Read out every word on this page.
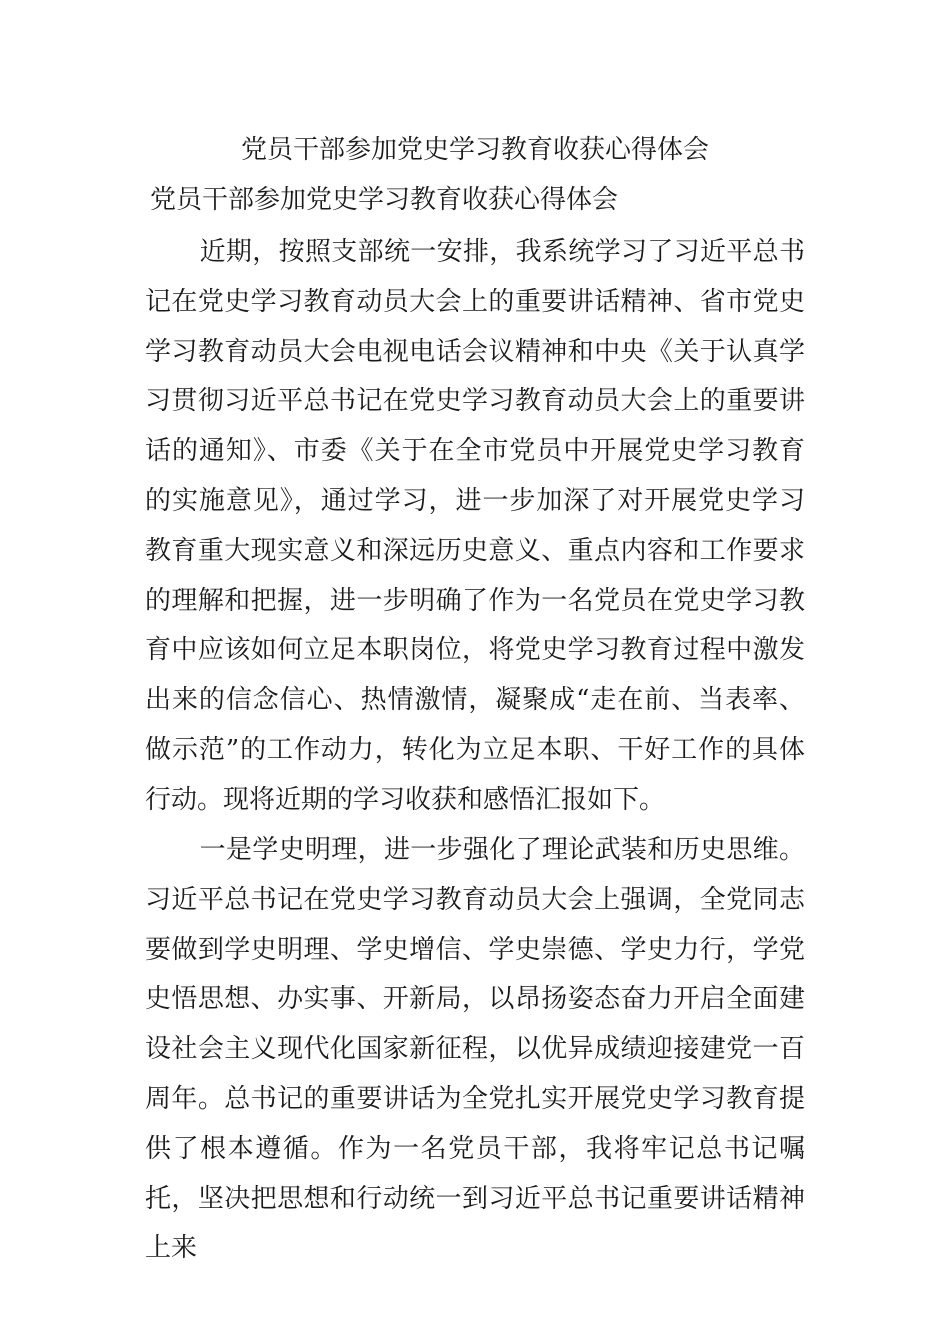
党员干部参加党史学习教育收获心得体会
党员干部参加党史学习教育收获心得体会

近期，按照支部统一安排，我系统学习了习近平总书记在党史学习教育动员大会上的重要讲话精神、省市党史学习教育动员大会电视电话会议精神和中央《关于认真学习贯彻习近平总书记在党史学习教育动员大会上的重要讲话的通知》、市委《关于在全市党员中开展党史学习教育的实施意见》，通过学习，进一步加深了对开展党史学习教育重大现实意义和深远历史意义、重点内容和工作要求的理解和把握，进一步明确了作为一名党员在党史学习教育中应该如何立足本职岗位，将党史学习教育过程中激发出来的信念信心、热情激情，凝聚成“走在前、当表率、做示范”的工作动力，转化为立足本职、干好工作的具体行动。现将近期的学习收获和感悟汇报如下。

一是学史明理，进一步强化了理论武装和历史思维。习近平总书记在党史学习教育动员大会上强调，全党同志要做到学史明理、学史增信、学史崇德、学史力行，学党史悟思想、办实事、开新局，以昂扬姿态奋力开启全面建设社会主义现代化国家新征程，以优异成绩迎接建党一百周年。总书记的重要讲话为全党扎实开展党史学习教育提供了根本遵循。作为一名党员干部，我将牢记总书记嘱托，坚决把思想和行动统一到习近平总书记重要讲话精神上来
